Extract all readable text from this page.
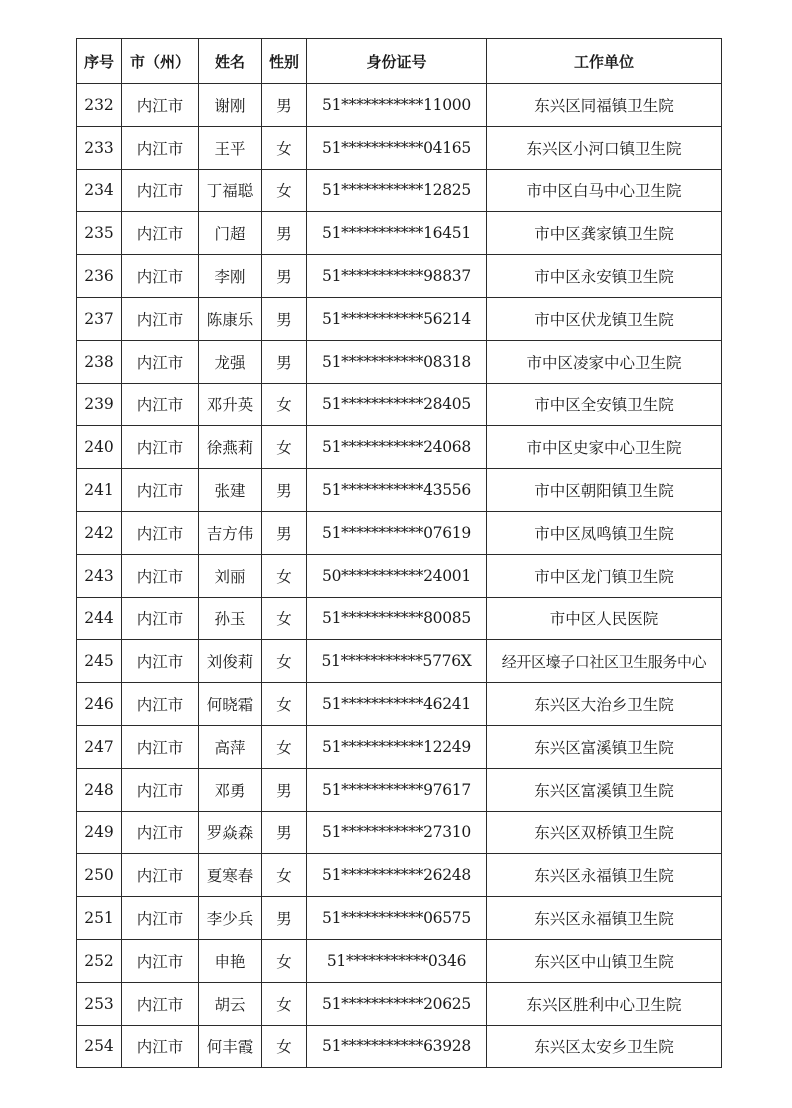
序号	市（州）	姓名	性别	身份证号	工作单位
232	内江市	谢刚	男	51***********11000	东兴区同福镇卫生院
233	内江市	王平	女	51***********04165	东兴区小河口镇卫生院
234	内江市	丁福聪	女	51***********12825	市中区白马中心卫生院
235	内江市	门超	男	51***********16451	市中区龚家镇卫生院
236	内江市	李刚	男	51***********98837	市中区永安镇卫生院
237	内江市	陈康乐	男	51***********56214	市中区伏龙镇卫生院
238	内江市	龙强	男	51***********08318	市中区凌家中心卫生院
239	内江市	邓升英	女	51***********28405	市中区全安镇卫生院
240	内江市	徐燕莉	女	51***********24068	市中区史家中心卫生院
241	内江市	张建	男	51***********43556	市中区朝阳镇卫生院
242	内江市	吉方伟	男	51***********07619	市中区凤鸣镇卫生院
243	内江市	刘丽	女	50***********24001	市中区龙门镇卫生院
244	内江市	孙玉	女	51***********80085	市中区人民医院
245	内江市	刘俊莉	女	51***********5776X	经开区壕子口社区卫生服务中心
246	内江市	何晓霜	女	51***********46241	东兴区大治乡卫生院
247	内江市	高萍	女	51***********12249	东兴区富溪镇卫生院
248	内江市	邓勇	男	51***********97617	东兴区富溪镇卫生院
249	内江市	罗焱森	男	51***********27310	东兴区双桥镇卫生院
250	内江市	夏寒春	女	51***********26248	东兴区永福镇卫生院
251	内江市	李少兵	男	51***********06575	东兴区永福镇卫生院
252	内江市	申艳	女	51***********0346	东兴区中山镇卫生院
253	内江市	胡云	女	51***********20625	东兴区胜利中心卫生院
254	内江市	何丰霞	女	51***********63928	东兴区太安乡卫生院
